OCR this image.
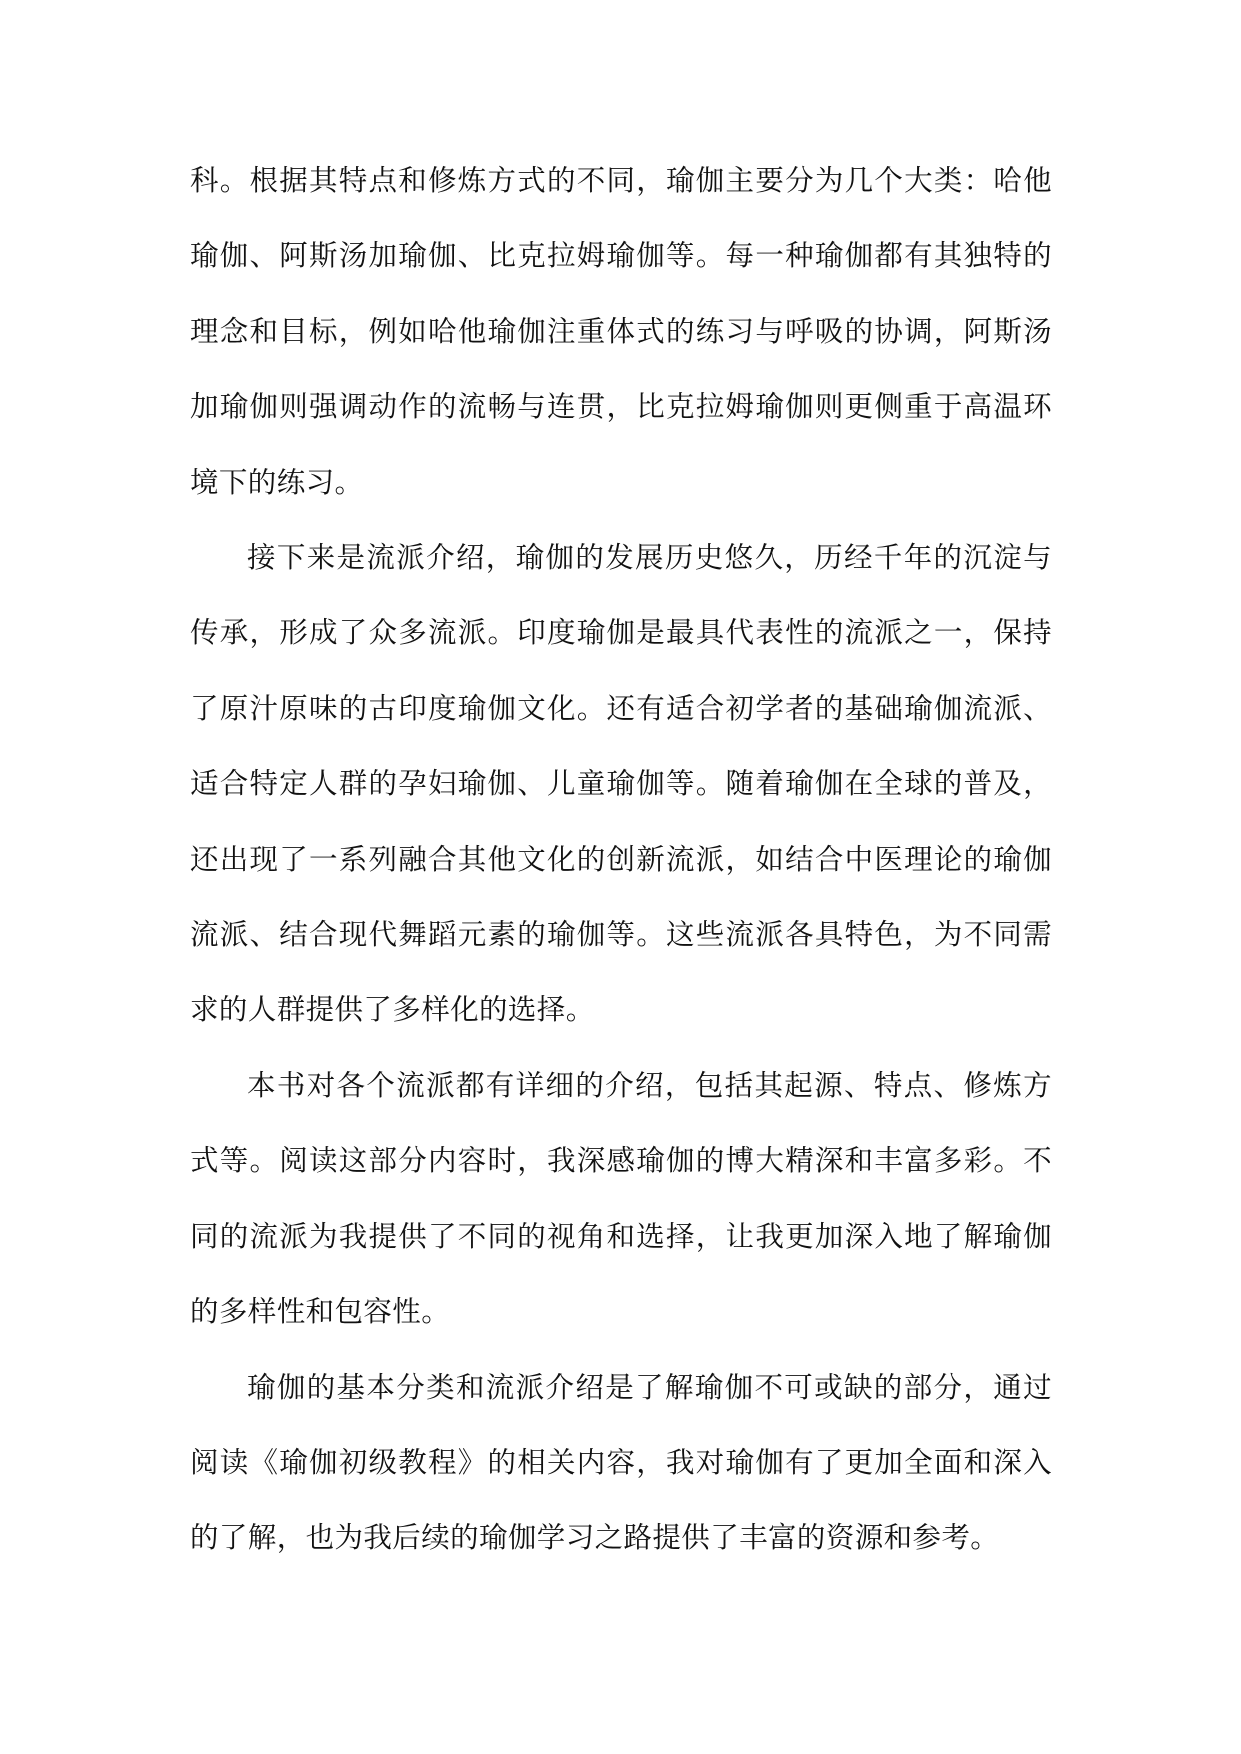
科。根据其特点和修炼方式的不同，瑜伽主要分为几个大类：哈他瑜伽、阿斯汤加瑜伽、比克拉姆瑜伽等。每一种瑜伽都有其独特的理念和目标，例如哈他瑜伽注重体式的练习与呼吸的协调，阿斯汤加瑜伽则强调动作的流畅与连贯，比克拉姆瑜伽则更侧重于高温环境下的练习。

接下来是流派介绍，瑜伽的发展历史悠久，历经千年的沉淀与传承，形成了众多流派。印度瑜伽是最具代表性的流派之一，保持了原汁原味的古印度瑜伽文化。还有适合初学者的基础瑜伽流派、适合特定人群的孕妇瑜伽、儿童瑜伽等。随着瑜伽在全球的普及，还出现了一系列融合其他文化的创新流派，如结合中医理论的瑜伽流派、结合现代舞蹈元素的瑜伽等。这些流派各具特色，为不同需求的人群提供了多样化的选择。

本书对各个流派都有详细的介绍，包括其起源、特点、修炼方式等。阅读这部分内容时，我深感瑜伽的博大精深和丰富多彩。不同的流派为我提供了不同的视角和选择，让我更加深入地了解瑜伽的多样性和包容性。

瑜伽的基本分类和流派介绍是了解瑜伽不可或缺的部分，通过阅读《瑜伽初级教程》的相关内容，我对瑜伽有了更加全面和深入的了解，也为我后续的瑜伽学习之路提供了丰富的资源和参考。
